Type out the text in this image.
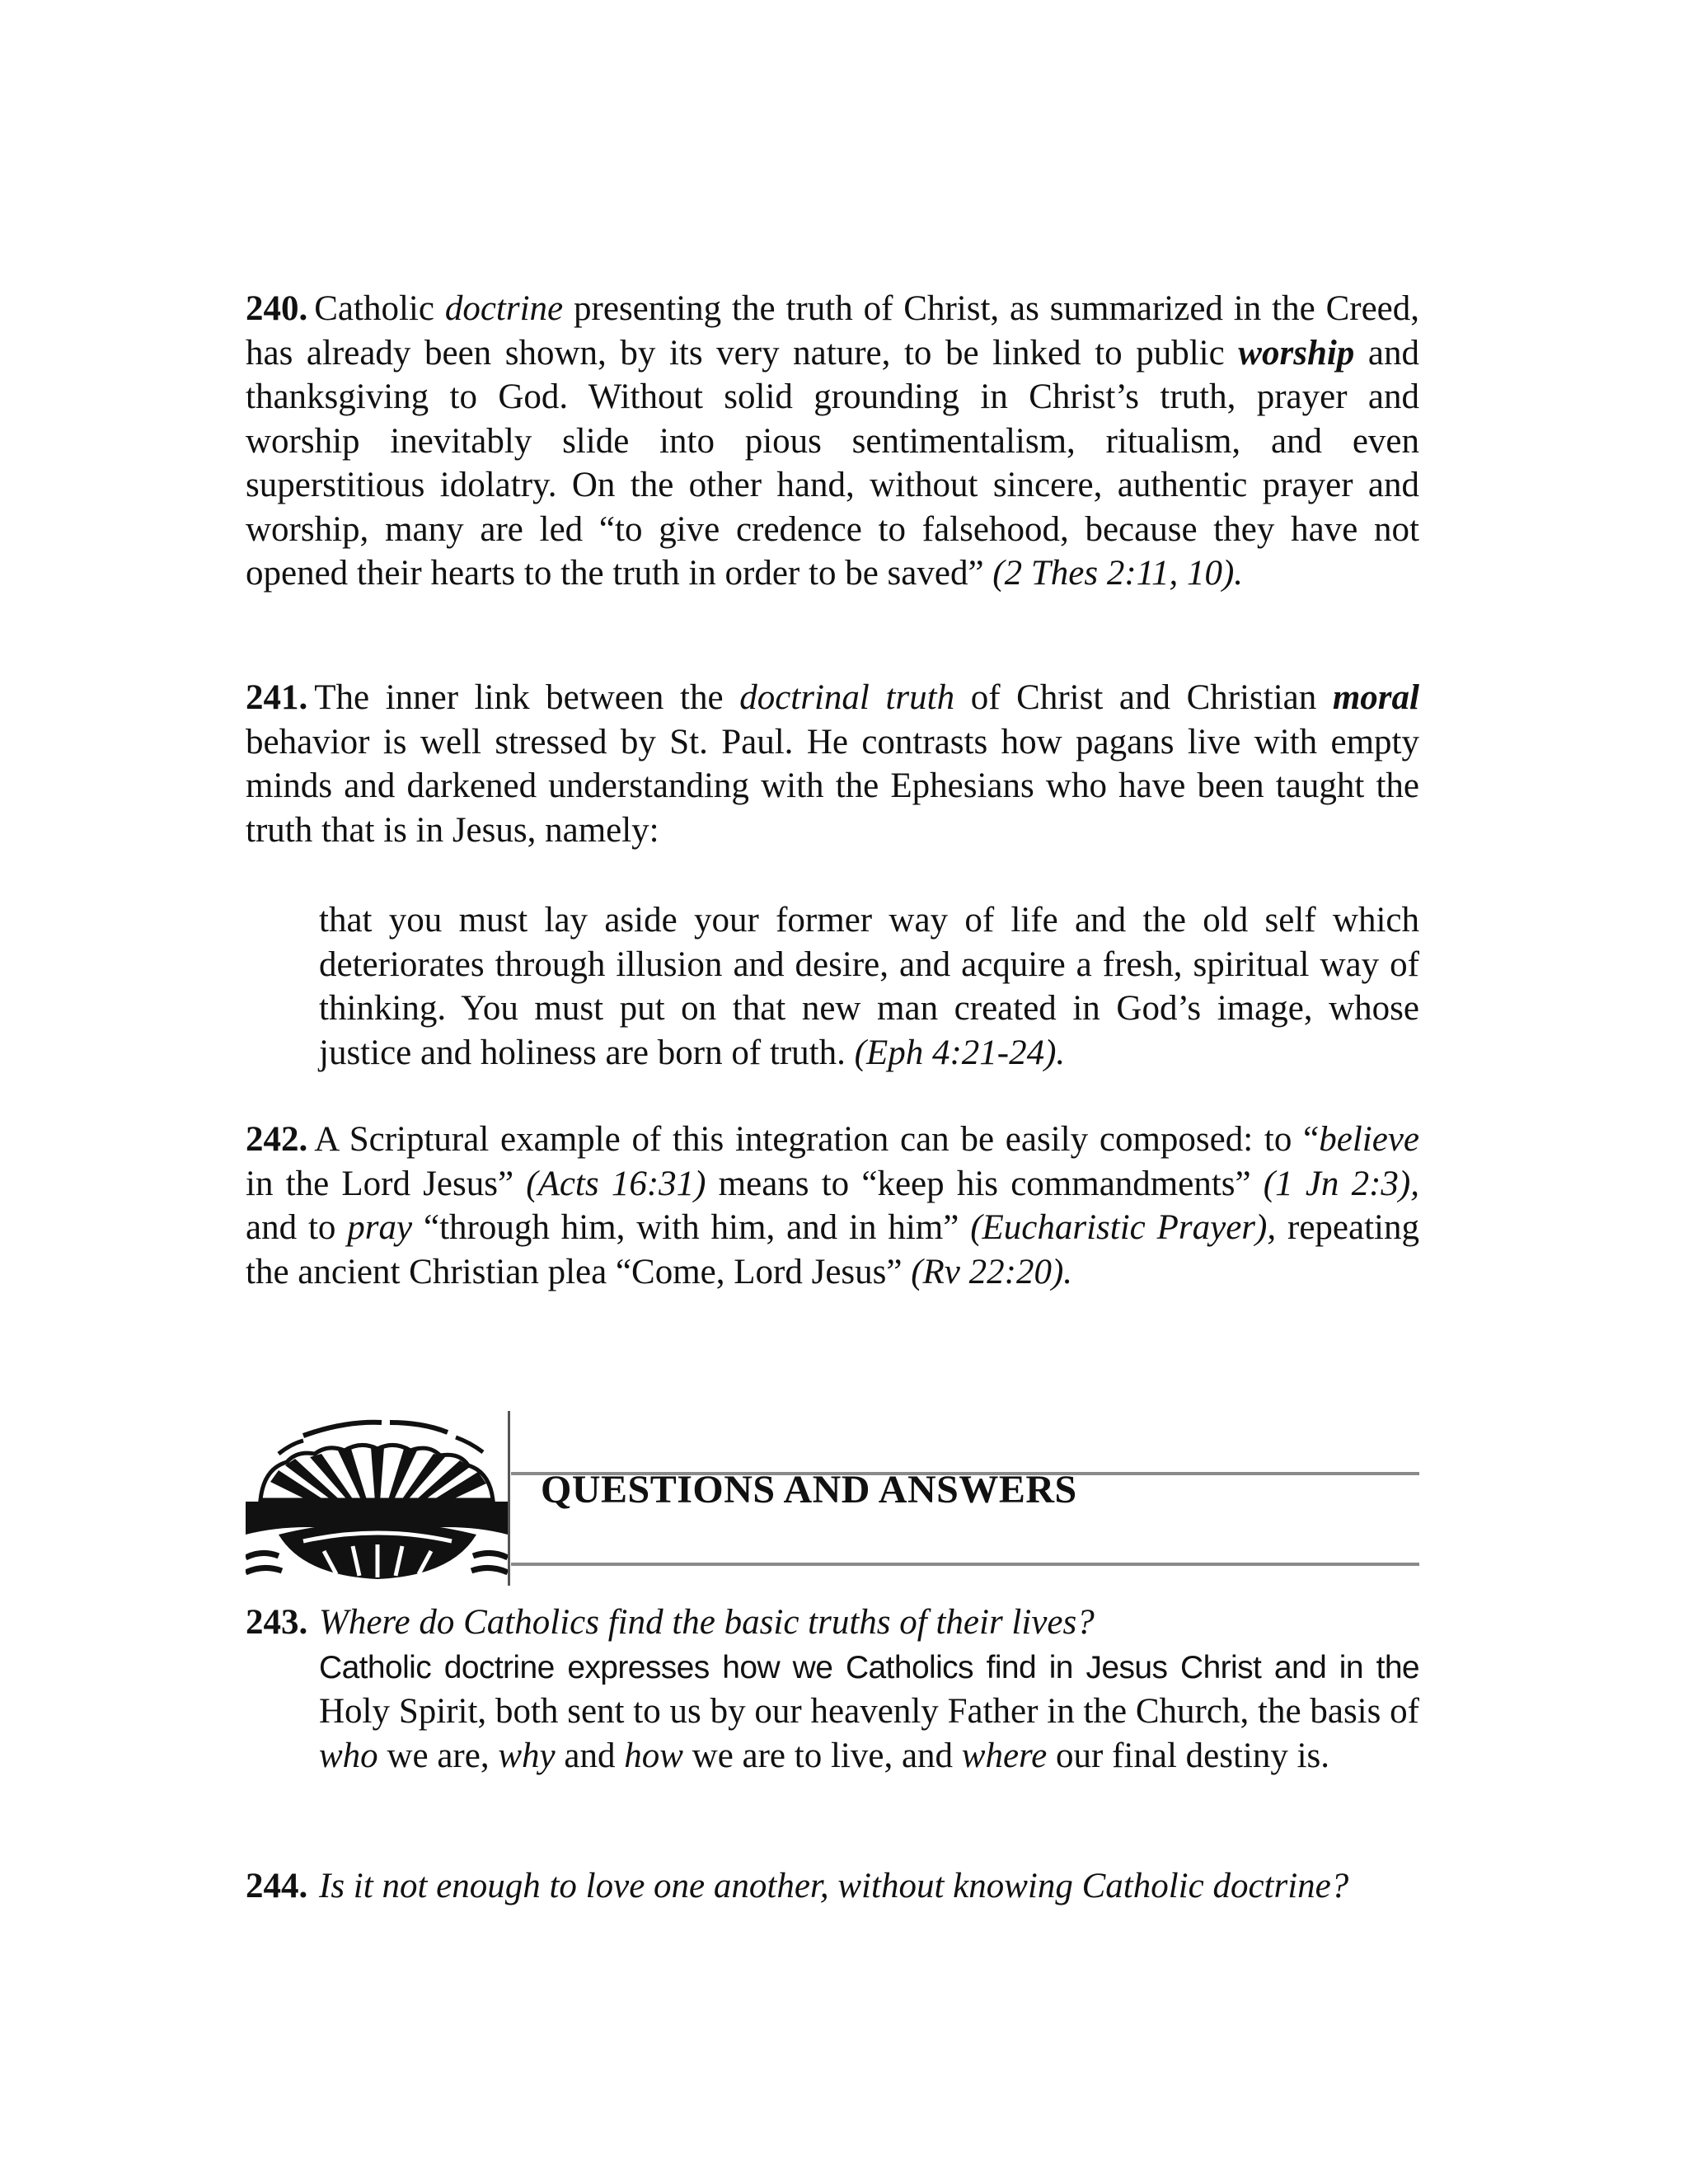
240. Catholic doctrine presenting the truth of Christ, as summarized in the Creed, has already been shown, by its very nature, to be linked to public worship and thanksgiving to God. Without solid grounding in Christ’s truth, prayer and worship inevitably slide into pious sentimentalism, ritualism, and even superstitious idolatry. On the other hand, without sincere, authentic prayer and worship, many are led “to give credence to falsehood, because they have not opened their hearts to the truth in order to be saved” (2 Thes 2:11, 10).
241. The inner link between the doctrinal truth of Christ and Christian moral behavior is well stressed by St. Paul. He contrasts how pagans live with empty minds and darkened understanding with the Ephesians who have been taught the truth that is in Jesus, namely:
that you must lay aside your former way of life and the old self which deteriorates through illusion and desire, and acquire a fresh, spiritual way of thinking. You must put on that new man created in God’s image, whose justice and holiness are born of truth. (Eph 4:21-24).
242. A Scriptural example of this integration can be easily composed: to “believe in the Lord Jesus” (Acts 16:31) means to “keep his commandments” (1 Jn 2:3), and to pray “through him, with him, and in him” (Eucharistic Prayer), repeating the ancient Christian plea “Come, Lord Jesus” (Rv 22:20).
QUESTIONS AND ANSWERS
243. Where do Catholics find the basic truths of their lives?
Catholic doctrine expresses how we Catholics find in Jesus Christ and in the Holy Spirit, both sent to us by our heavenly Father in the Church, the basis of who we are, why and how we are to live, and where our final destiny is.
244. Is it not enough to love one another, without knowing Catholic doctrine?
